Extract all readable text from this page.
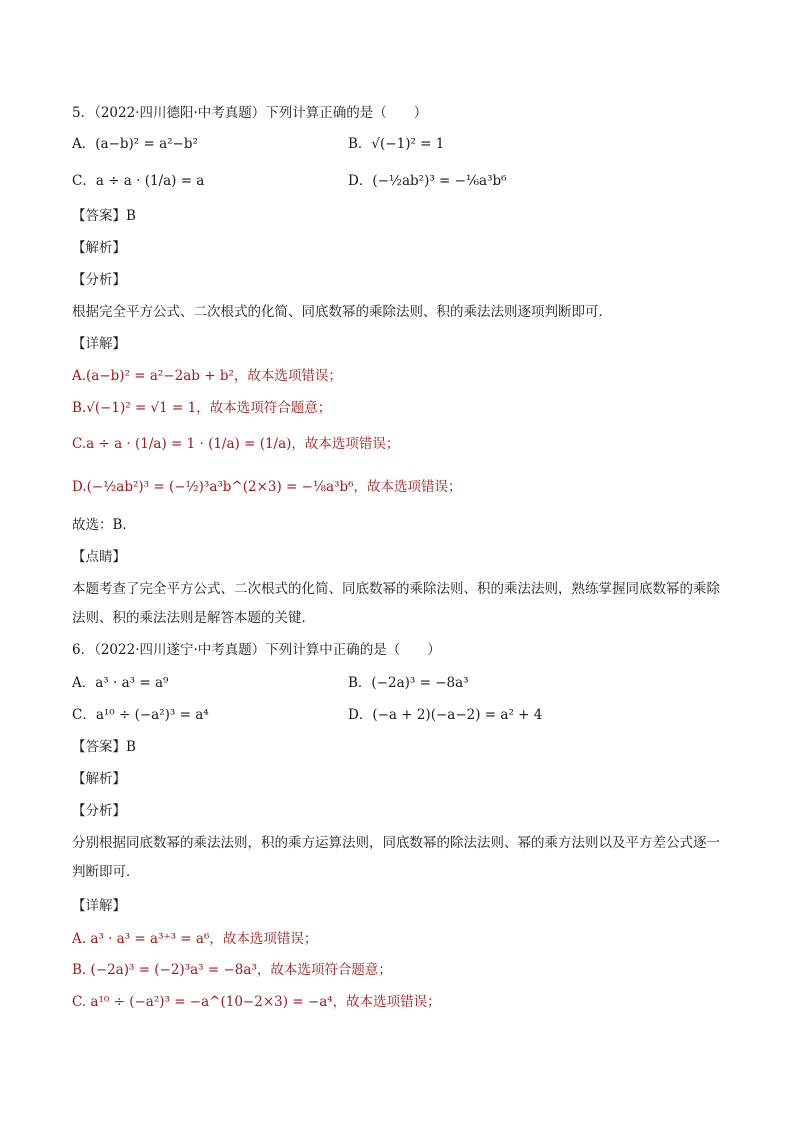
5．（2022·四川德阳·中考真题）下列计算正确的是（　　）
A．(a−b)² = a²−b²	B．√(−1)² = 1
C．a ÷ a · (1/a) = a	D．(−½ab²)³ = −⅙a³b⁶
【答案】B
【解析】
【分析】
根据完全平方公式、二次根式的化简、同底数幂的乘除法则、积的乘法法则逐项判断即可．
【详解】
A.(a−b)² = a²−2ab + b²，故本选项错误；
B.√(−1)² = √1 = 1，故本选项符合题意；
C.a ÷ a · (1/a) = 1 · (1/a) = (1/a)，故本选项错误；
D.(−½ab²)³ = (−½)³a³b^(2×3) = −⅛a³b⁶，故本选项错误；
故选：B．
【点睛】
本题考查了完全平方公式、二次根式的化简、同底数幂的乘除法则、积的乘法法则，熟练掌握同底数幂的乘除法则、积的乘法法则是解答本题的关键．
6．（2022·四川遂宁·中考真题）下列计算中正确的是（　　）
A．a³ · a³ = a⁹	B．(−2a)³ = −8a³
C．a¹⁰ ÷ (−a²)³ = a⁴	D．(−a + 2)(−a−2) = a² + 4
【答案】B
【解析】
【分析】
分别根据同底数幂的乘法法则，积的乘方运算法则，同底数幂的除法法则、幂的乘方法则以及平方差公式逐一判断即可．
【详解】
A. a³ · a³ = a³⁺³ = a⁶，故本选项错误；
B. (−2a)³ = (−2)³a³ = −8a³，故本选项符合题意；
C. a¹⁰ ÷ (−a²)³ = −a^(10−2×3) = −a⁴，故本选项错误；
